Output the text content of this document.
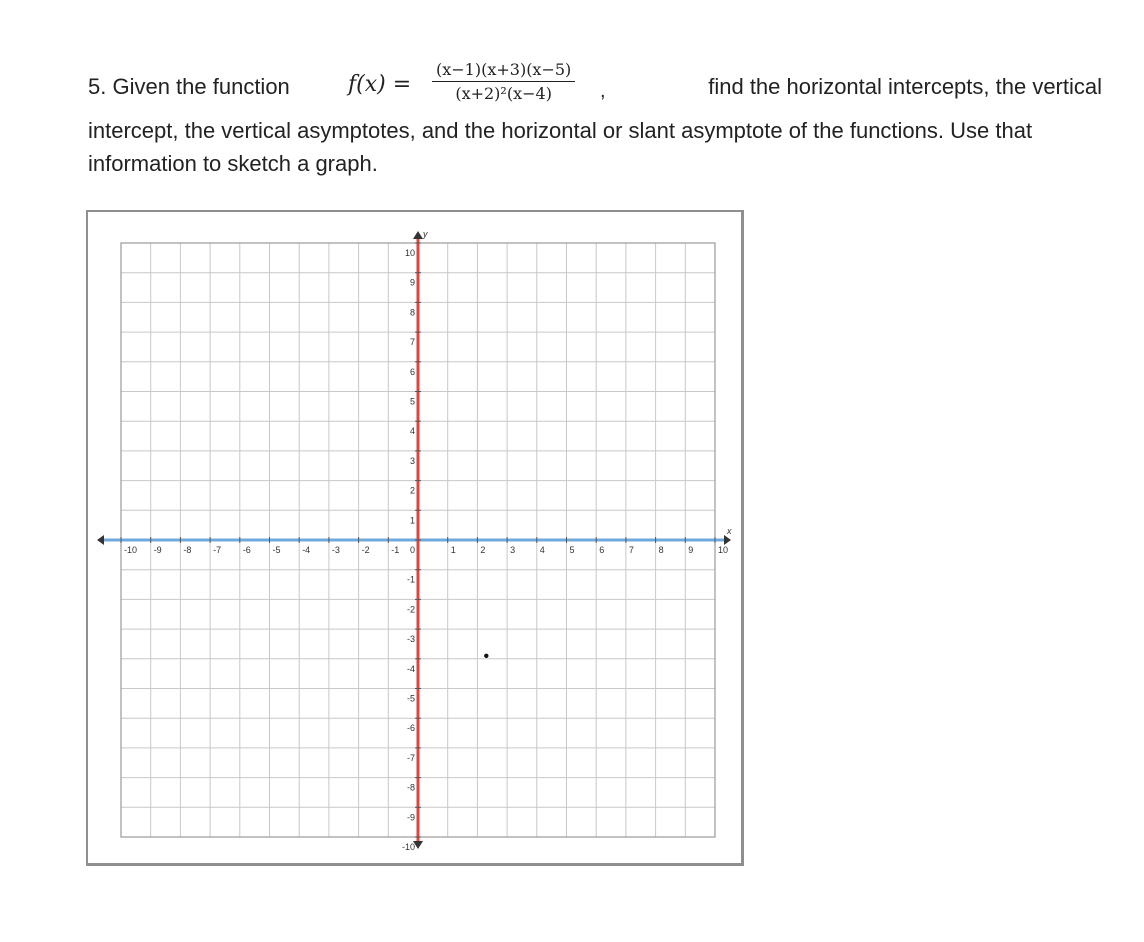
5. Given the function	$f(x) = \frac{(x-1)(x+3)(x-5)}{\text{(x+2)²(x−4)}}$ ,	find the horizontal intercepts, the vertical
intercept, the vertical asymptotes, and the horizontal or slant asymptote of the functions. Use that information to sketch a graph.
-10 -9 -8 -7 -6 -5 -4 -3 -2 -1	1	2	3	4	5	6	7	8	9	10
10
9
8
7
6
5
4
3
2
1
0
-1
-2
-3
-4
-5
-6
-7
-8
-9
-10
x
y
